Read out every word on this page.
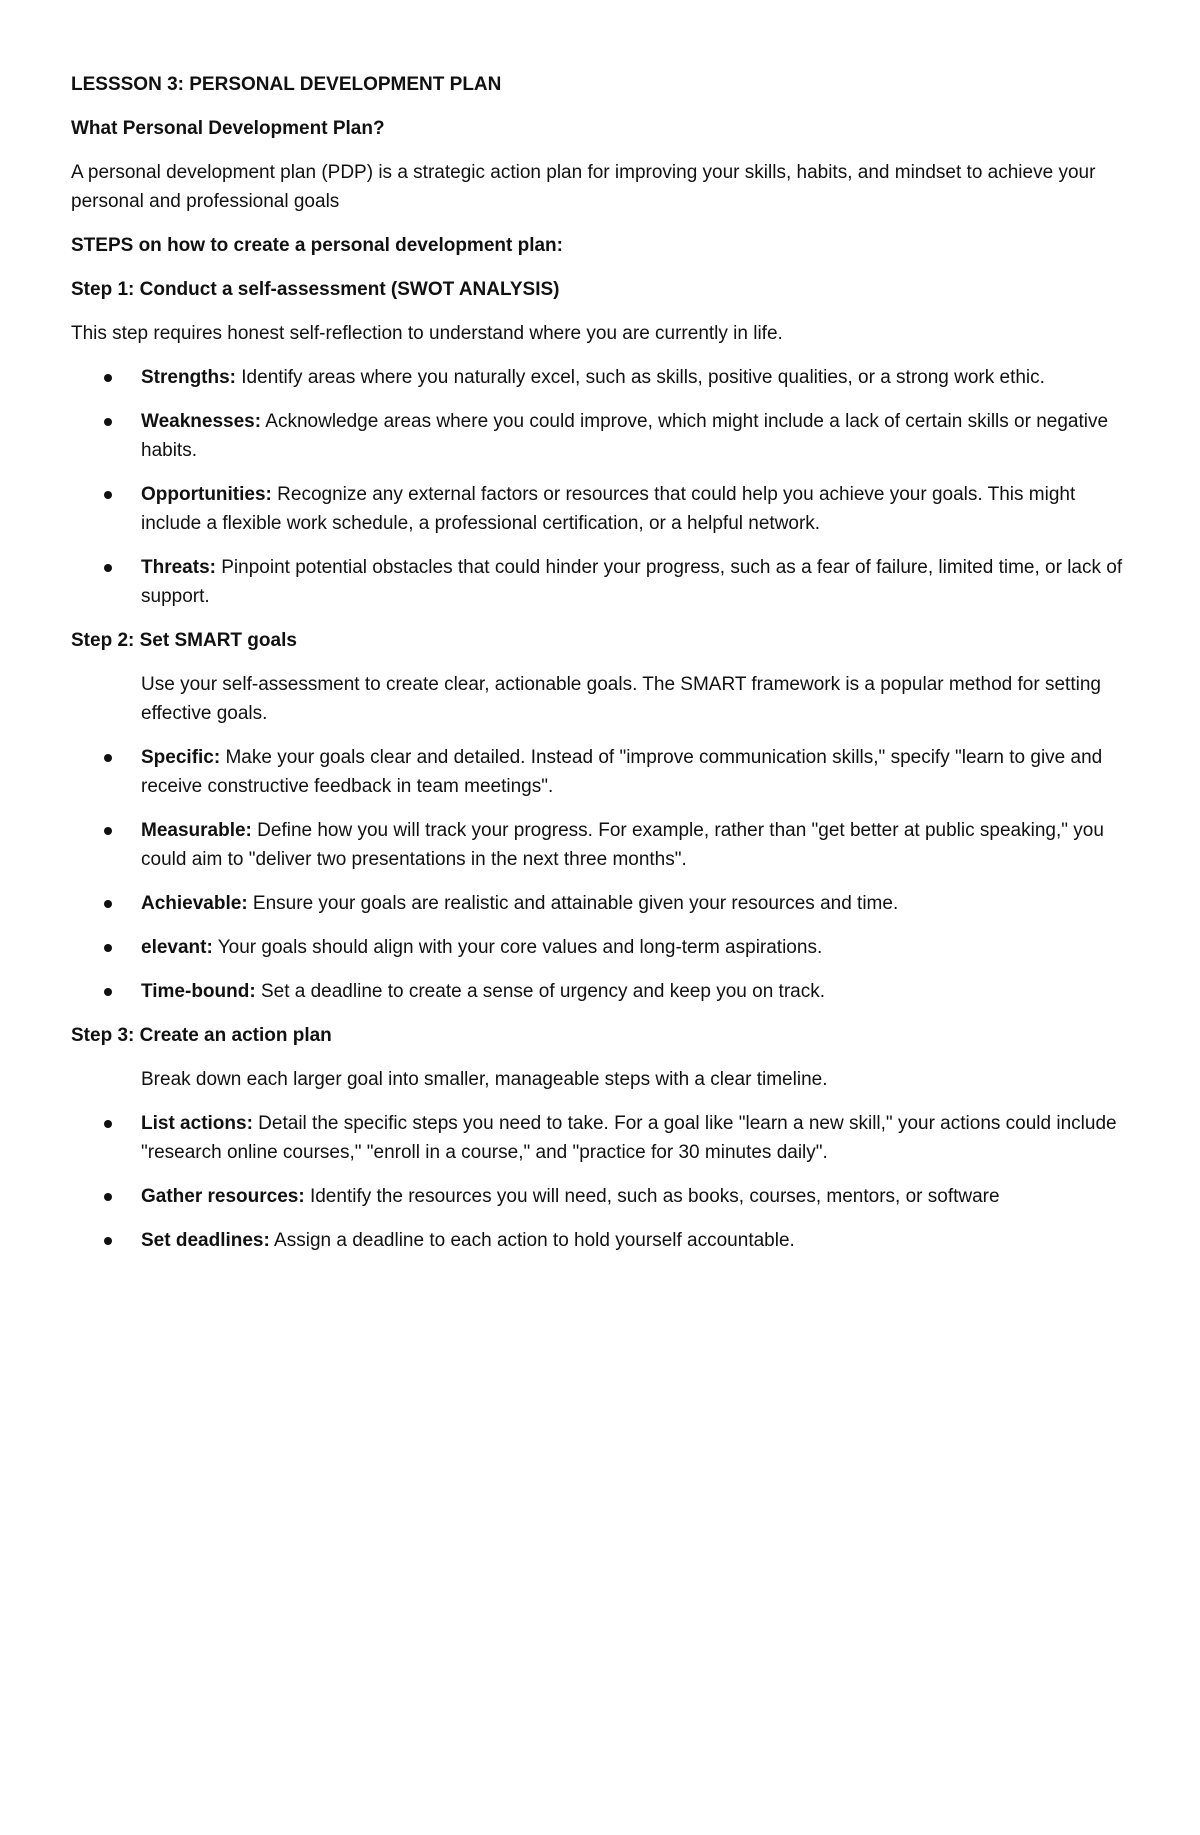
LESSSON 3: PERSONAL DEVELOPMENT PLAN

What Personal Development Plan?

A personal development plan (PDP) is a strategic action plan for improving your skills, habits, and mindset to achieve your personal and professional goals

STEPS on how to create a personal development plan:

Step 1: Conduct a self-assessment (SWOT ANALYSIS)

This step requires honest self-reflection to understand where you are currently in life.

Strengths: Identify areas where you naturally excel, such as skills, positive qualities, or a strong work ethic.
Weaknesses: Acknowledge areas where you could improve, which might include a lack of certain skills or negative habits.
Opportunities: Recognize any external factors or resources that could help you achieve your goals. This might include a flexible work schedule, a professional certification, or a helpful network.
Threats: Pinpoint potential obstacles that could hinder your progress, such as a fear of failure, limited time, or lack of support.

Step 2: Set SMART goals

Use your self-assessment to create clear, actionable goals. The SMART framework is a popular method for setting effective goals.

Specific: Make your goals clear and detailed. Instead of "improve communication skills," specify "learn to give and receive constructive feedback in team meetings".
Measurable: Define how you will track your progress. For example, rather than "get better at public speaking," you could aim to "deliver two presentations in the next three months".
Achievable: Ensure your goals are realistic and attainable given your resources and time.
elevant: Your goals should align with your core values and long-term aspirations.
Time-bound: Set a deadline to create a sense of urgency and keep you on track.

Step 3: Create an action plan

Break down each larger goal into smaller, manageable steps with a clear timeline.

List actions: Detail the specific steps you need to take. For a goal like "learn a new skill," your actions could include "research online courses," "enroll in a course," and "practice for 30 minutes daily".
Gather resources: Identify the resources you will need, such as books, courses, mentors, or software
Set deadlines: Assign a deadline to each action to hold yourself accountable.
